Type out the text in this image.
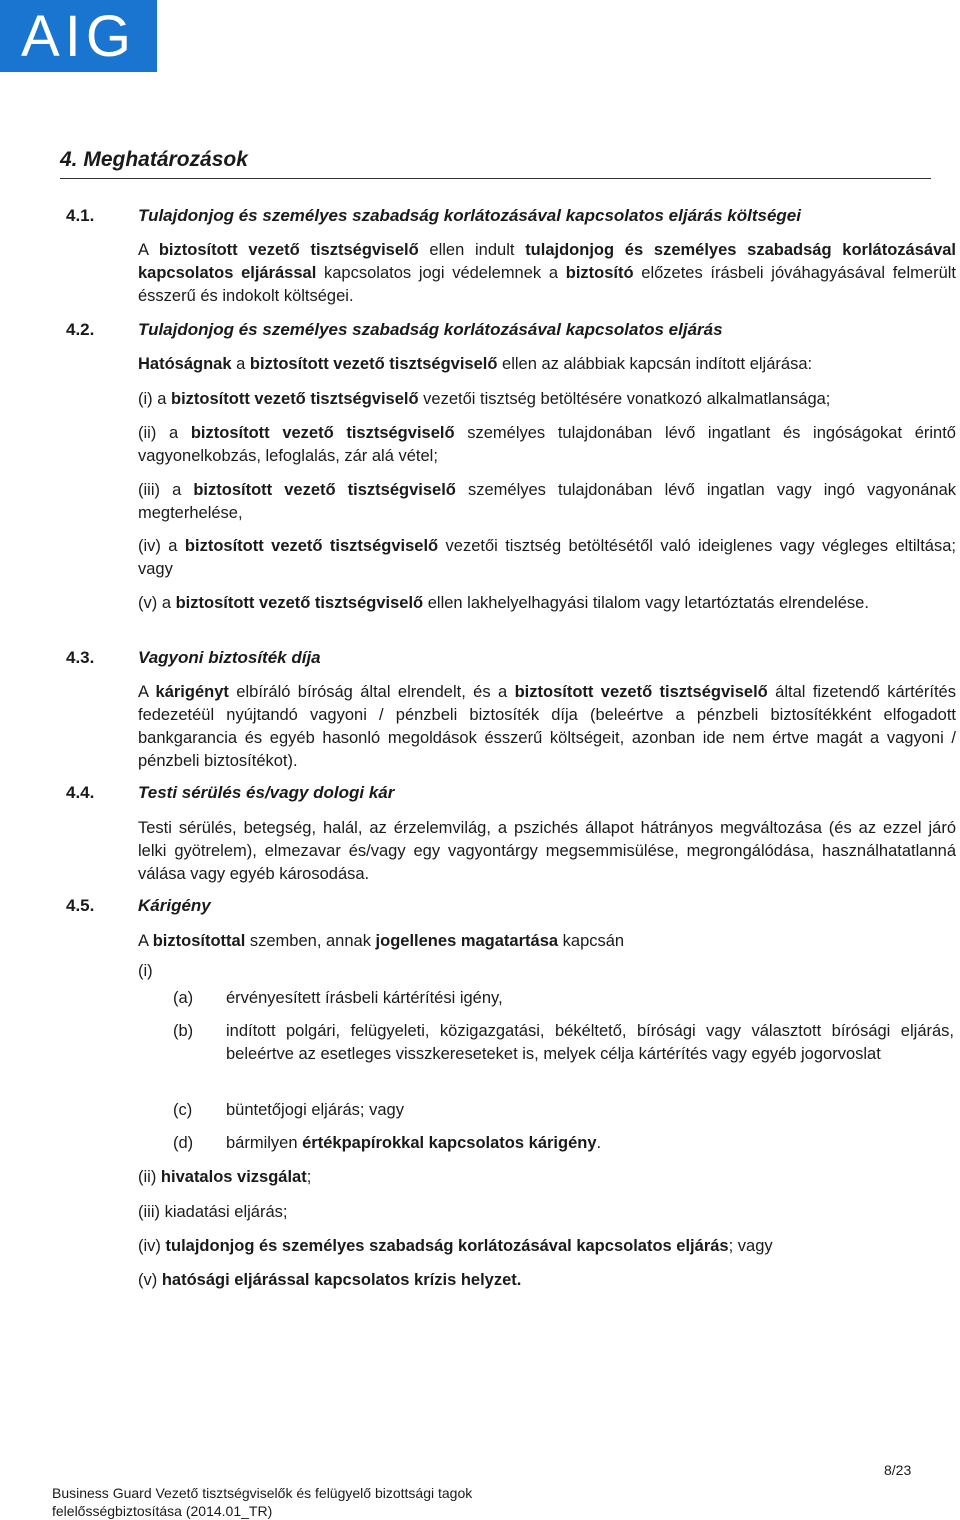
AIG
4. Meghatározások
4.1.	Tulajdonjog és személyes szabadság korlátozásával kapcsolatos eljárás költségei
A biztosított vezető tisztségviselő ellen indult tulajdonjog és személyes szabadság korlátozásával kapcsolatos eljárással kapcsolatos jogi védelemnek a biztosító előzetes írásbeli jóváhagyásával felmerült ésszerű és indokolt költségei.
4.2.	Tulajdonjog és személyes szabadság korlátozásával kapcsolatos eljárás
Hatóságnak a biztosított vezető tisztségviselő ellen az alábbiak kapcsán indított eljárása:
(i) a biztosított vezető tisztségviselő vezetői tisztség betöltésére vonatkozó alkalmatlansága;
(ii) a biztosított vezető tisztségviselő személyes tulajdonában lévő ingatlant és ingóságokat érintő vagyonelkobzás, lefoglalás, zár alá vétel;
(iii) a biztosított vezető tisztségviselő személyes tulajdonában lévő ingatlan vagy ingó vagyonának megterhelése,
(iv) a biztosított vezető tisztségviselő vezetői tisztség betöltésétől való ideiglenes vagy végleges eltiltása; vagy
(v) a biztosított vezető tisztségviselő ellen lakhelyelhagyási tilalom vagy letartóztatás elrendelése.
4.3.	Vagyoni biztosíték díja
A kárigényt elbíráló bíróság által elrendelt, és a biztosított vezető tisztségviselő által fizetendő kártérítés fedezetéül nyújtandó vagyoni / pénzbeli biztosíték díja (beleértve a pénzbeli biztosítékként elfogadott bankgarancia és egyéb hasonló megoldások ésszerű költségeit, azonban ide nem értve magát a vagyoni / pénzbeli biztosítékot).
4.4.	Testi sérülés és/vagy dologi kár
Testi sérülés, betegség, halál, az érzelemvilág, a pszichés állapot hátrányos megváltozása (és az ezzel járó lelki gyötrelem), elmezavar és/vagy egy vagyontárgy megsemmisülése, megrongálódása, használhatatlanná válása vagy egyéb károsodása.
4.5.	Kárigény
A biztosítottal szemben, annak jogellenes magatartása kapcsán
(i)
(a) érvényesített írásbeli kártérítési igény,
(b) indított polgári, felügyeleti, közigazgatási, békéltető, bírósági vagy választott bírósági eljárás, beleértve az esetleges visszkereseteket is, melyek célja kártérítés vagy egyéb jogorvoslat
(c) büntetőjogi eljárás; vagy
(d) bármilyen értékpapírokkal kapcsolatos kárigény.
(ii) hivatalos vizsgálat;
(iii) kiadatási eljárás;
(iv) tulajdonjog és személyes szabadság korlátozásával kapcsolatos eljárás; vagy
(v) hatósági eljárással kapcsolatos krízis helyzet.
8/23
Business Guard Vezető tisztségviselők és felügyelő bizottsági tagok
felelősségbiztosítása (2014.01_TR)
